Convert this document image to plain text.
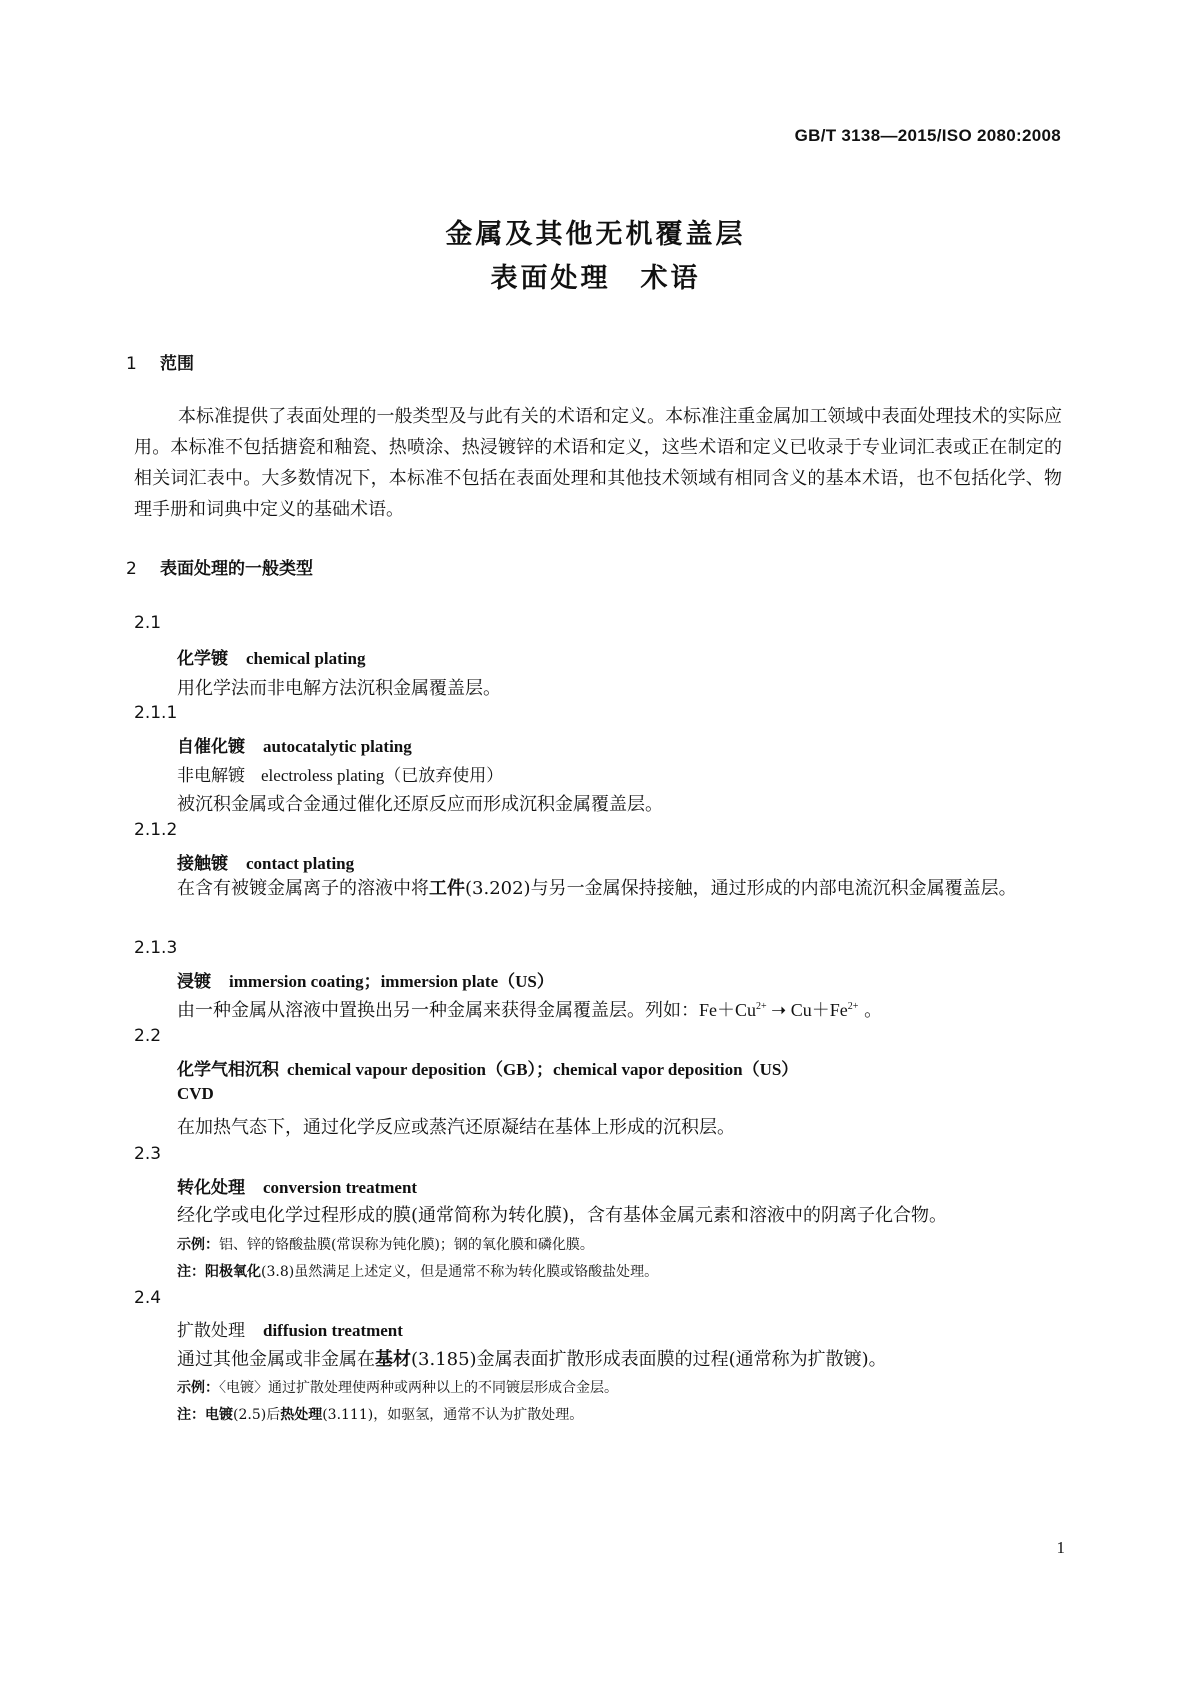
GB/T 3138—2015/ISO 2080:2008
金属及其他无机覆盖层
表面处理　术语
1 范围

本标准提供了表面处理的一般类型及与此有关的术语和定义。本标准注重金属加工领域中表面处理技术的实际应用。本标准不包括搪瓷和釉瓷、热喷涂、热浸镀锌的术语和定义，这些术语和定义已收录于专业词汇表或正在制定的相关词汇表中。大多数情况下，本标准不包括在表面处理和其他技术领域有相同含义的基本术语，也不包括化学、物理手册和词典中定义的基础术语。

2 表面处理的一般类型
2.1
化学镀 chemical plating
用化学法而非电解方法沉积金属覆盖层。
2.1.1
自催化镀 autocatalytic plating
非电解镀 electroless plating（已放弃使用）
被沉积金属或合金通过催化还原反应而形成沉积金属覆盖层。
2.1.2
接触镀 contact plating

在含有被镀金属离子的溶液中将工件(3.202)与另一金属保持接触，通过形成的内部电流沉积金属覆盖层。

2.1.3
浸镀 immersion coating；immersion plate（US）
由一种金属从溶液中置换出另一种金属来获得金属覆盖层。列如：$Fe+Cu^{2+}$ ➝ $Cu+Fe^{2+}$ 。
2.2
化学气相沉积 chemical vapour deposition（GB）；chemical vapor deposition（US）
CVD
在加热气态下，通过化学反应或蒸汽还原凝结在基体上形成的沉积层。
2.3
转化处理 conversion treatment
经化学或电化学过程形成的膜(通常简称为转化膜)，含有基体金属元素和溶液中的阴离子化合物。
示例：铝、锌的铬酸盐膜(常误称为钝化膜)；钢的氧化膜和磷化膜。
注：阳极氧化(3.8)虽然满足上述定义，但是通常不称为转化膜或铬酸盐处理。
2.4
扩散处理 diffusion treatment
通过其他金属或非金属在基材(3.185)金属表面扩散形成表面膜的过程(通常称为扩散镀)。
示例：〈电镀〉通过扩散处理使两种或两种以上的不同镀层形成合金层。
注：电镀(2.5)后热处理(3.111)，如驱氢，通常不认为扩散处理。
1
